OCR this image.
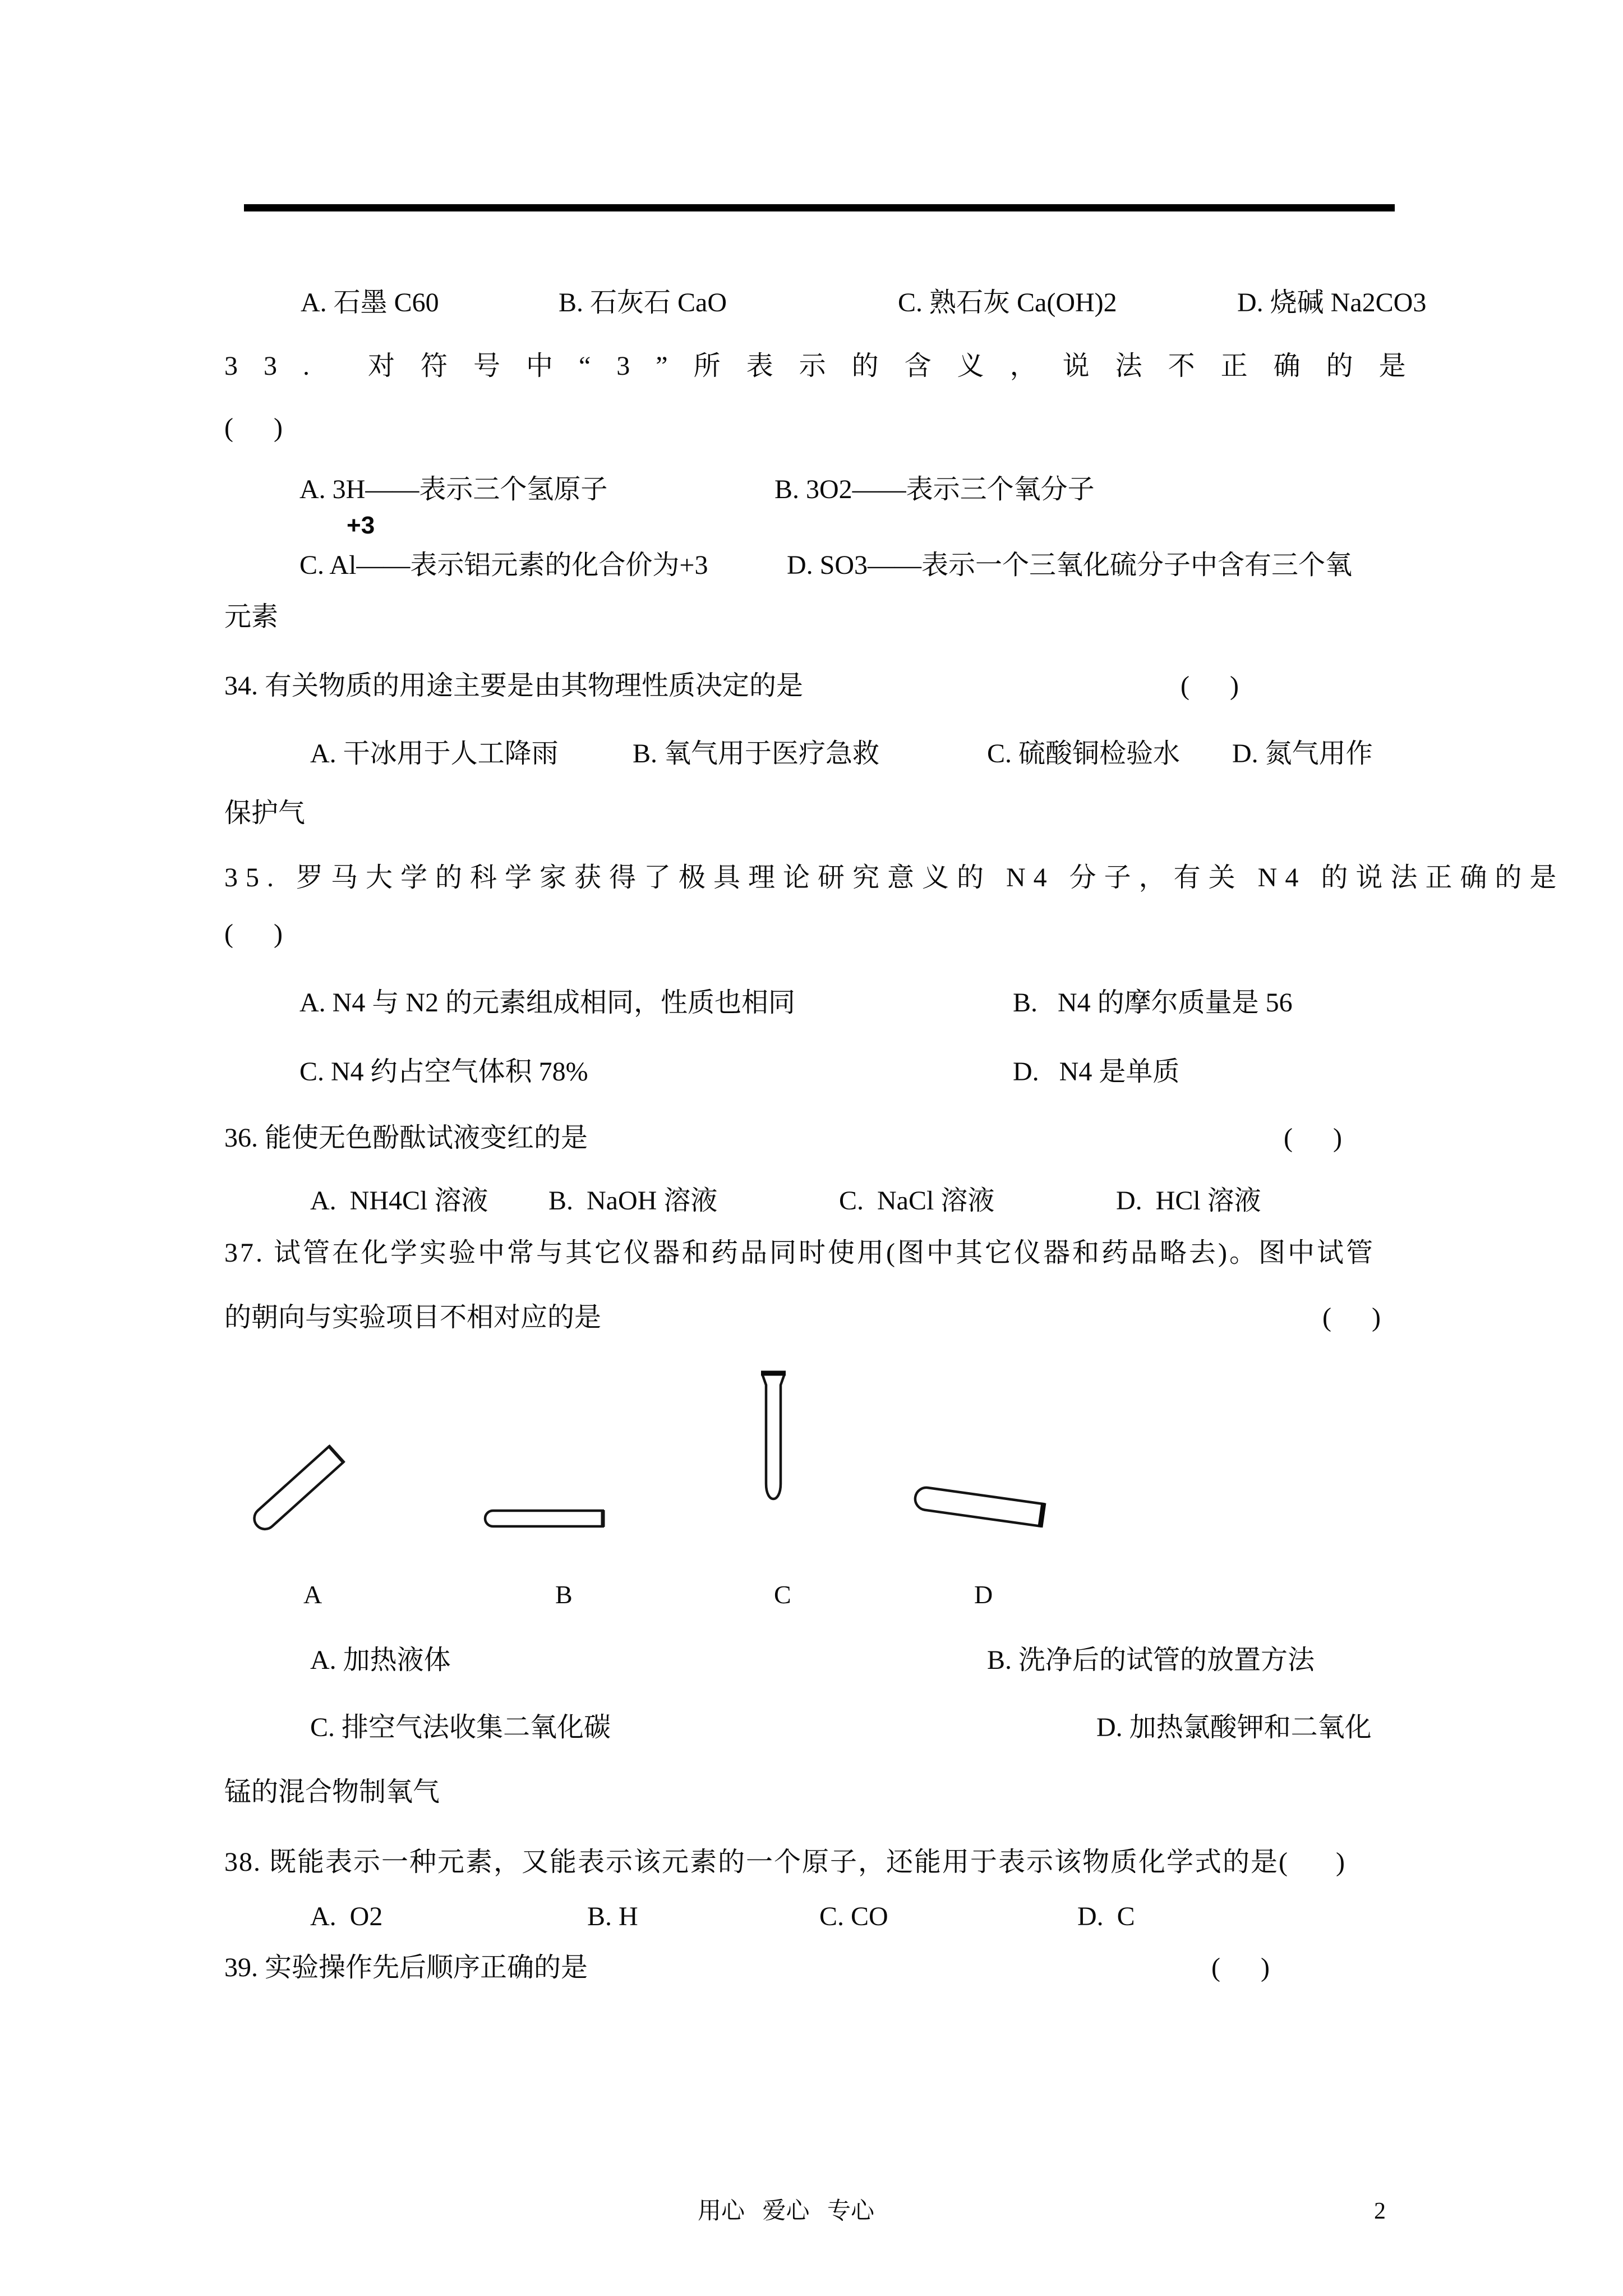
A. 石墨 C60	B. 石灰石 CaO	C. 熟石灰 Ca(OH)2	D. 烧碱 Na2CO3
33. 对符号中“3”所表示的含义，说法不正确的是
(      )
A. 3H——表示三个氢原子	B. 3O2——表示三个氧分子
+3
C. Al——表示铝元素的化合价为+3	D. SO3——表示一个三氧化硫分子中含有三个氧
元素
34. 有关物质的用途主要是由其物理性质决定的是	(      )
A. 干冰用于人工降雨	B. 氧气用于医疗急救	C. 硫酸铜检验水 D. 氮气用作
保护气
35. 罗马大学的科学家获得了极具理论研究意义的 N4 分子，有关 N4 的说法正确的是
(      )
A. N4 与 N2 的元素组成相同，性质也相同	B.   N4 的摩尔质量是 56
C. N4 约占空气体积 78%	D.   N4 是单质
36. 能使无色酚酞试液变红的是	(      )
A.  NH4Cl 溶液 B.  NaOH 溶液	C.  NaCl 溶液	D.  HCl 溶液
37. 试管在化学实验中常与其它仪器和药品同时使用(图中其它仪器和药品略去)。图中试管
的朝向与实验项目不相对应的是	(      )
A	B	C	D
A. 加热液体	B. 洗净后的试管的放置方法
C. 排空气法收集二氧化碳	D. 加热氯酸钾和二氧化
锰的混合物制氧气
38. 既能表示一种元素，又能表示该元素的一个原子，还能用于表示该物质化学式的是(      )
A.  O2	B. H	C. CO	D.  C
39. 实验操作先后顺序正确的是	(      )
用心   爱心   专心	2
